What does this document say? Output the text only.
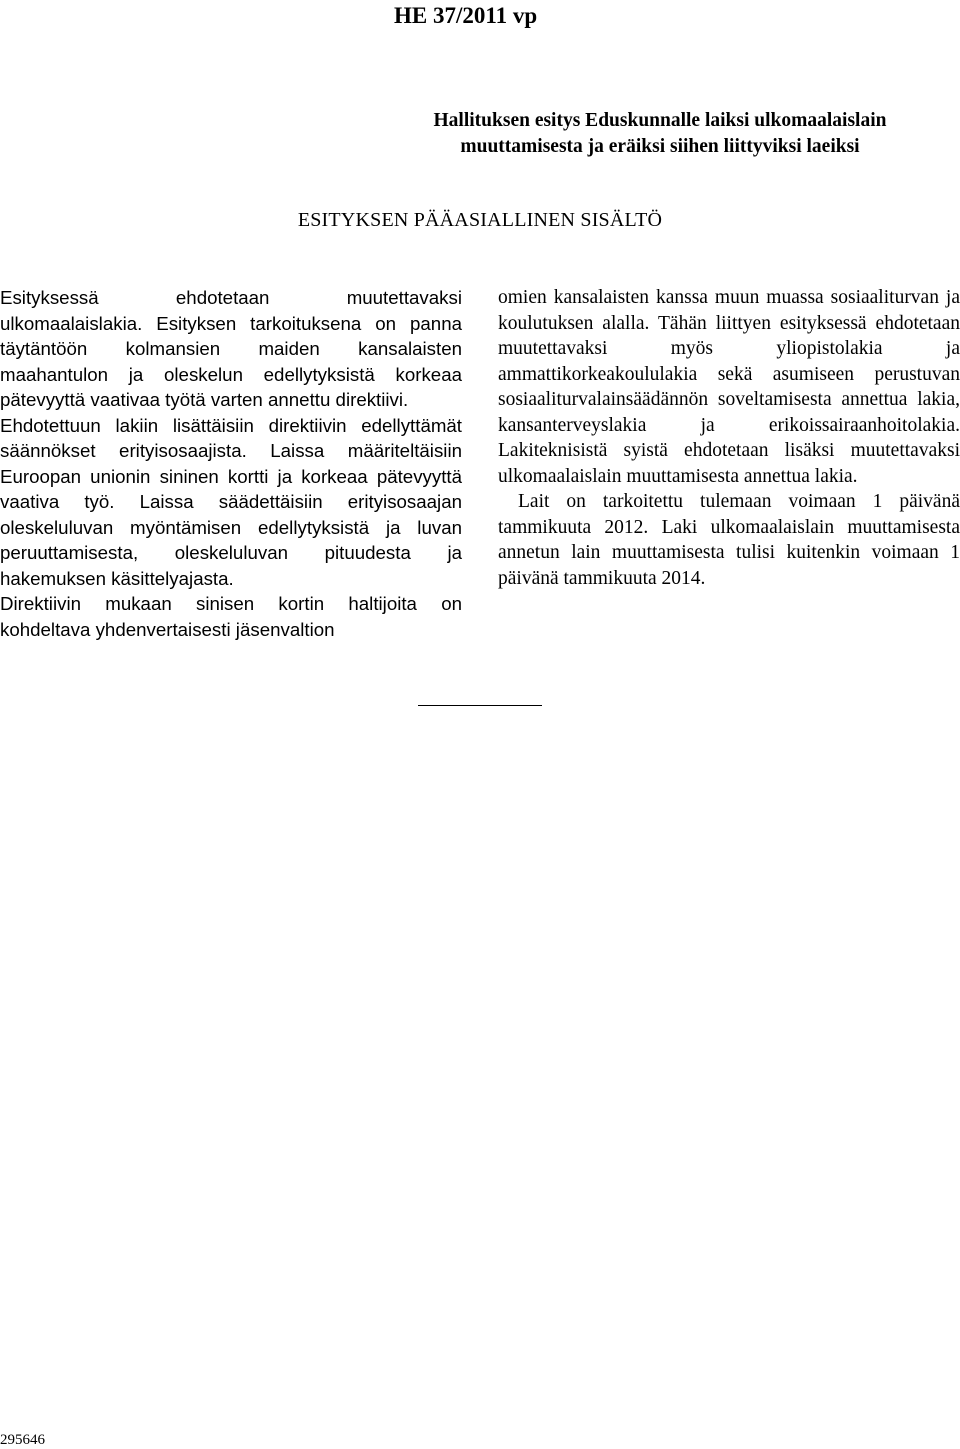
HE 37/2011 vp
Hallituksen esitys Eduskunnalle laiksi ulkomaalaislain
muuttamisesta ja eräiksi siihen liittyviksi laeiksi
ESITYKSEN PÄÄASIALLINEN SISÄLTÖ

Esityksessä ehdotetaan muutettavaksi ulkomaalaislakia. Esityksen tarkoituksena on panna täytäntöön kolmansien maiden kansalaisten maahantulon ja oleskelun edellytyksistä korkeaa pätevyyttä vaativaa työtä varten annettu direktiivi.

Ehdotettuun lakiin lisättäisiin direktiivin edellyttämät säännökset erityisosaajista. Laissa määriteltäisiin Euroopan unionin sininen kortti ja korkeaa pätevyyttä vaativa työ. Laissa säädettäisiin erityisosaajan oleskeluluvan myöntämisen edellytyksistä ja luvan peruuttamisesta, oleskeluluvan pituudesta ja hakemuksen käsittelyajasta.

Direktiivin mukaan sinisen kortin haltijoita on kohdeltava yhdenvertaisesti jäsenvaltion

omien kansalaisten kanssa muun muassa sosiaaliturvan ja koulutuksen alalla. Tähän liittyen esityksessä ehdotetaan muutettavaksi myös yliopistolakia ja ammattikorkeakoululakia sekä asumiseen perustuvan sosiaaliturvalainsäädännön soveltamisesta annettua lakia, kansanterveyslakia ja erikoissairaanhoitolakia. Lakiteknisistä syistä ehdotetaan lisäksi muutettavaksi ulkomaalaislain muuttamisesta annettua lakia.

Lait on tarkoitettu tulemaan voimaan 1 päivänä tammikuuta 2012. Laki ulkomaalaislain muuttamisesta annetun lain muuttamisesta tulisi kuitenkin voimaan 1 päivänä tammikuuta 2014.

295646
